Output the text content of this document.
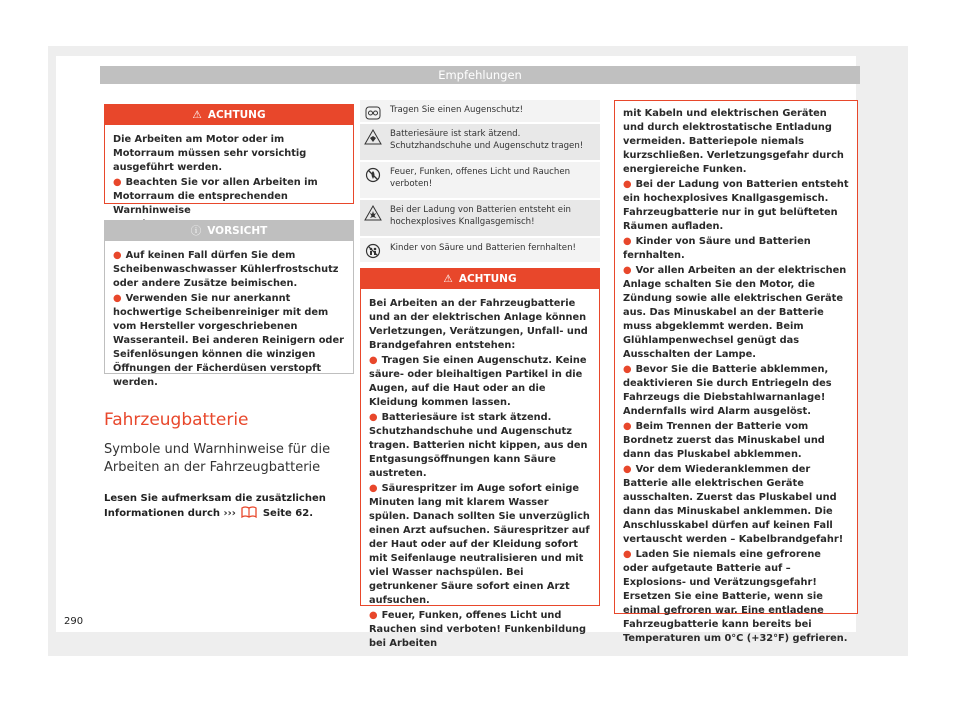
Empfehlungen
⚠ ACHTUNG

Die Arbeiten am Motor oder im Motorraum müssen sehr vorsichtig ausgeführt werden.

● Beachten Sie vor allen Arbeiten im Motorraum die entsprechenden Warnhinweise

ⓘ VORSICHT

● Auf keinen Fall dürfen Sie dem Scheibenwaschwasser Kühlerfrostschutz oder andere Zusätze beimischen.

● Verwenden Sie nur anerkannt hochwertige Scheibenreiniger mit dem vom Hersteller vorgeschriebenen Wasseranteil. Bei anderen Reinigern oder Seifenlösungen können die winzigen Öffnungen der Fächerdüsen verstopft werden.

Fahrzeugbatterie
Symbole und Warnhinweise für die Arbeiten an der Fahrzeugbatterie
Lesen Sie aufmerksam die zusätzlichen Informationen durch ›››	Seite 62.
Tragen Sie einen Augenschutz!
Batteriesäure ist stark ätzend. Schutzhandschuhe und Augenschutz tragen!
Feuer, Funken, offenes Licht und Rauchen verboten!
Bei der Ladung von Batterien entsteht ein hochexplosives Knallgasgemisch!
Kinder von Säure und Batterien fernhalten!
⚠ ACHTUNG

Bei Arbeiten an der Fahrzeugbatterie und an der elektrischen Anlage können Verletzungen, Verätzungen, Unfall- und Brandgefahren entstehen:

● Tragen Sie einen Augenschutz. Keine säure- oder bleihaltigen Partikel in die Augen, auf die Haut oder an die Kleidung kommen lassen.

● Batteriesäure ist stark ätzend. Schutzhandschuhe und Augenschutz tragen. Batterien nicht kippen, aus den Entgasungsöffnungen kann Säure austreten.

● Säurespritzer im Auge sofort einige Minuten lang mit klarem Wasser spülen. Danach sollten Sie unverzüglich einen Arzt aufsuchen. Säurespritzer auf der Haut oder auf der Kleidung sofort mit Seifenlauge neutralisieren und mit viel Wasser nachspülen. Bei getrunkener Säure sofort einen Arzt aufsuchen.

● Feuer, Funken, offenes Licht und Rauchen sind verboten! Funkenbildung bei Arbeiten

mit Kabeln und elektrischen Geräten und durch elektrostatische Entladung vermeiden. Batteriepole niemals kurzschließen. Verletzungsgefahr durch energiereiche Funken.

● Bei der Ladung von Batterien entsteht ein hochexplosives Knallgasgemisch. Fahrzeugbatterie nur in gut belüfteten Räumen aufladen.

● Kinder von Säure und Batterien fernhalten.

● Vor allen Arbeiten an der elektrischen Anlage schalten Sie den Motor, die Zündung sowie alle elektrischen Geräte aus. Das Minuskabel an der Batterie muss abgeklemmt werden. Beim Glühlampenwechsel genügt das Ausschalten der Lampe.

● Bevor Sie die Batterie abklemmen, deaktivieren Sie durch Entriegeln des Fahrzeugs die Diebstahlwarnanlage! Andernfalls wird Alarm ausgelöst.

● Beim Trennen der Batterie vom Bordnetz zuerst das Minuskabel und dann das Pluskabel abklemmen.

● Vor dem Wiederanklemmen der Batterie alle elektrischen Geräte ausschalten. Zuerst das Pluskabel und dann das Minuskabel anklemmen. Die Anschlusskabel dürfen auf keinen Fall vertauscht werden – Kabelbrandgefahr!

● Laden Sie niemals eine gefrorene oder aufgetaute Batterie auf – Explosions- und Verätzungsgefahr! Ersetzen Sie eine Batterie, wenn sie einmal gefroren war. Eine entladene Fahrzeugbatterie kann bereits bei Temperaturen um 0°C (+32°F) gefrieren.

290
